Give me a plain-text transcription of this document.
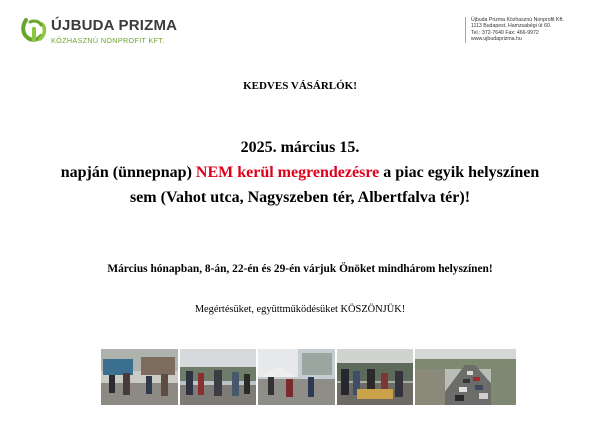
ÚJBUDA PRIZMA
KÖZHASZNÚ NONPROFIT KFT.
Újbuda Prizma Közhasznú Nonprofit Kft.
1113 Budapest, Hamzsabégi út 60.
Tel.: 372-7640 Fax: 466-9972
www.ujbudaprizma.hu
KEDVES VÁSÁRLÓK!
2025. március 15.
napján (ünnepnap) NEM kerül megrendezésre a piac egyik helyszínen
sem (Vahot utca, Nagyszeben tér, Albertfalva tér)!
Március hónapban, 8-án, 22-én és 29-én várjuk Önöket mindhárom helyszínen!
Megértésüket, együttműködésüket KÖSZÖNJÜK!
